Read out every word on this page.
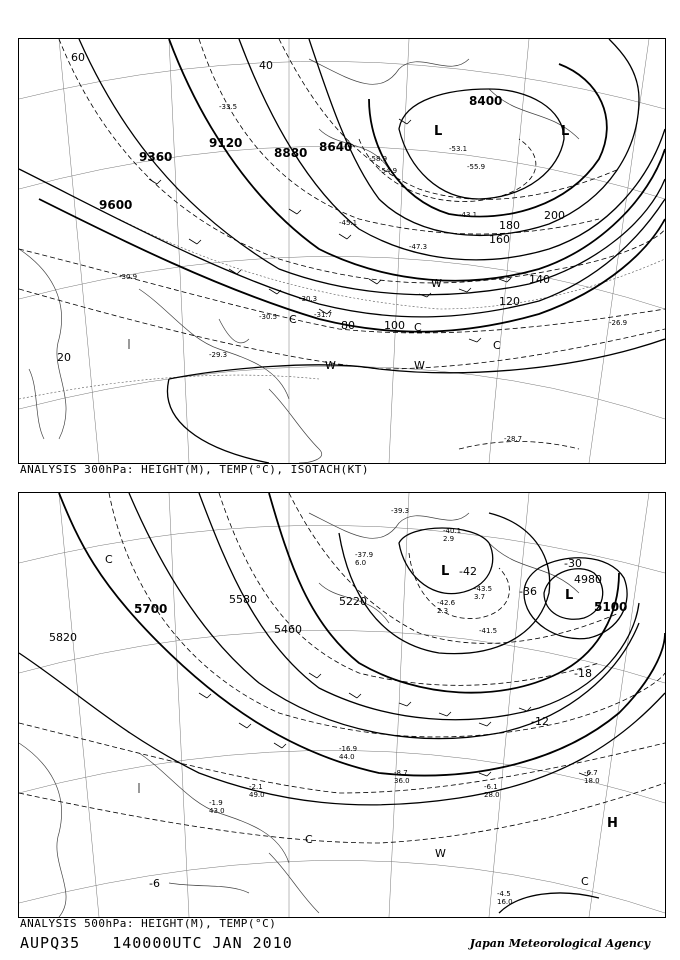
9600
9360
9120
8880 8640
8400
20
40
60
80	100
120
140
160
180
200
-30.9
-29.3
-30.3
-30.5	-31.7
-43.1
-45.1
-53.1
-54.9	-55.9
-58.9
-47.3
-28.7
-26.9
-33.5
L	L
W
W	W
C
C
C
ANALYSIS 300hPa: HEIGHT(M), TEMP(°C), ISOTACH(KT)
5820
5700
5580
5460
5220	5100
4980
-30
-36
-42
-18
-12
-6
-4.5
16.0
-6.7
18.0
-6.1
28.0
-8.7
36.0
-1.9
43.0
-2.1
49.0
-16.9
44.0
-43.5
3.7
-42.6
2.3
-40.1
2.9
-37.9
6.0
-39.3
-41.5
L
L
C
C
C
W
H
ANALYSIS 500hPa: HEIGHT(M), TEMP(°C)
AUPQ35 140000UTC JAN 2010	Japan Meteorological Agency
